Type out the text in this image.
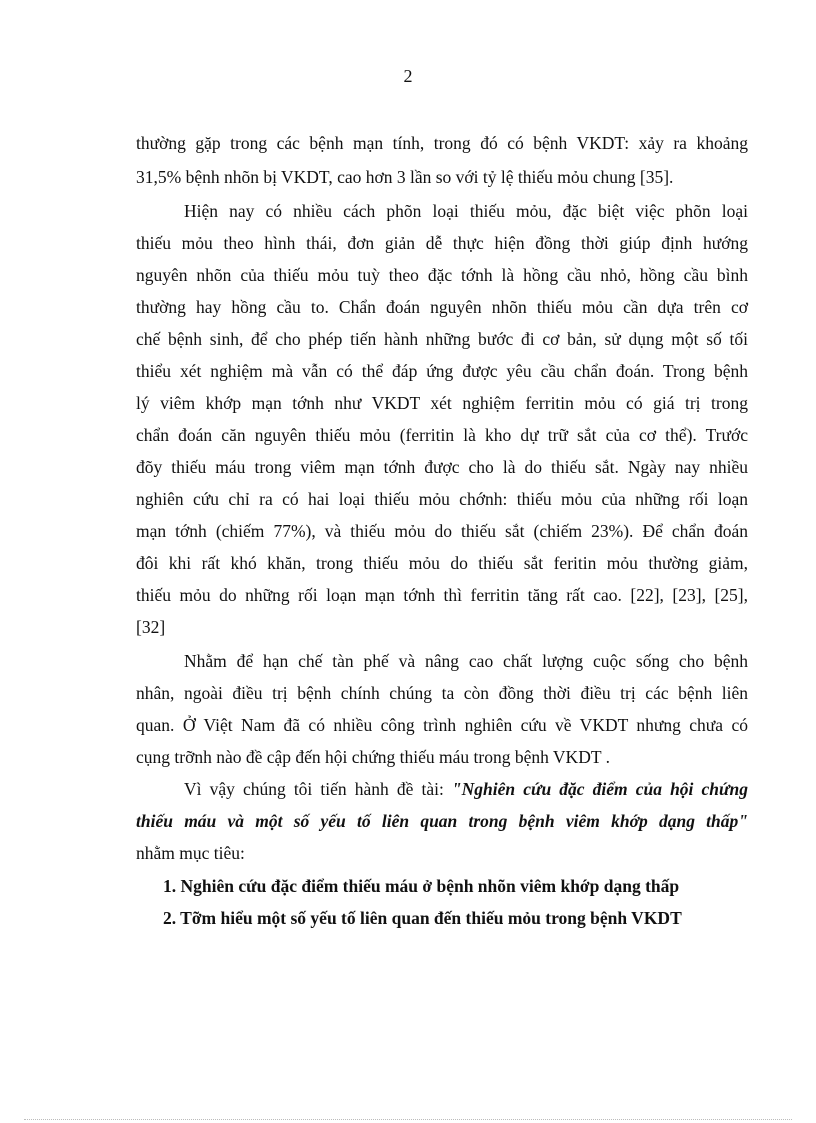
2
thường gặp trong các bệnh mạn tính, trong đó có bệnh VKDT: xảy ra khoảng
31,5% bệnh nhõn bị VKDT, cao hơn 3 lần so với tỷ lệ thiếu mỏu chung [35].
Hiện nay có nhiều cách phõn loại thiếu mỏu, đặc biệt việc phõn loại
thiếu mỏu theo hình thái, đơn giản dễ thực hiện đồng thời giúp định hướng
nguyên nhõn của thiếu mỏu tuỳ theo đặc tớnh là hồng cầu nhỏ, hồng cầu bình
thường hay hồng cầu to. Chẩn đoán nguyên nhõn thiếu mỏu cần dựa trên cơ
chế bệnh sinh, để cho phép tiến hành những bước đi cơ bản, sử dụng một số tối
thiểu xét nghiệm mà vẫn có thể đáp ứng được yêu cầu chẩn đoán. Trong bệnh
lý viêm khớp mạn tớnh như VKDT xét nghiệm ferritin mỏu có giá trị trong
chẩn đoán căn nguyên thiếu mỏu (ferritin là kho dự trữ sắt của cơ thể). Trước
đõy thiếu máu trong viêm mạn tớnh được cho là do thiếu sắt. Ngày nay nhiều
nghiên cứu chỉ ra có hai loại thiếu mỏu chớnh: thiếu mỏu của những rối loạn
mạn tớnh (chiếm 77%), và thiếu mỏu do thiếu sắt (chiếm 23%). Để chẩn đoán
đôi khi rất khó khăn, trong thiếu mỏu do thiếu sắt feritin mỏu thường giảm,
thiếu mỏu do những rối loạn mạn tớnh thì ferritin tăng rất cao. [22], [23], [25],
[32]
Nhằm để hạn chế tàn phế và nâng cao chất lượng cuộc sống cho bệnh
nhân, ngoài điều trị bệnh chính chúng ta còn đồng thời điều trị các bệnh liên
quan. Ở Việt Nam đã có nhiều công trình nghiên cứu về VKDT nhưng chưa có
cụng trỡnh nào đề cập đến hội chứng thiếu máu trong bệnh VKDT .
Vì vậy chúng tôi tiến hành đề tài: "Nghiên cứu đặc điểm của hội chứng
thiếu máu và một số yếu tố liên quan trong bệnh viêm khớp dạng thấp"
nhằm mục tiêu:
1. Nghiên cứu đặc điểm thiếu máu ở bệnh nhõn viêm khớp dạng thấp
2. Tỡm hiểu một số yếu tố liên quan đến thiếu mỏu trong bệnh VKDT
